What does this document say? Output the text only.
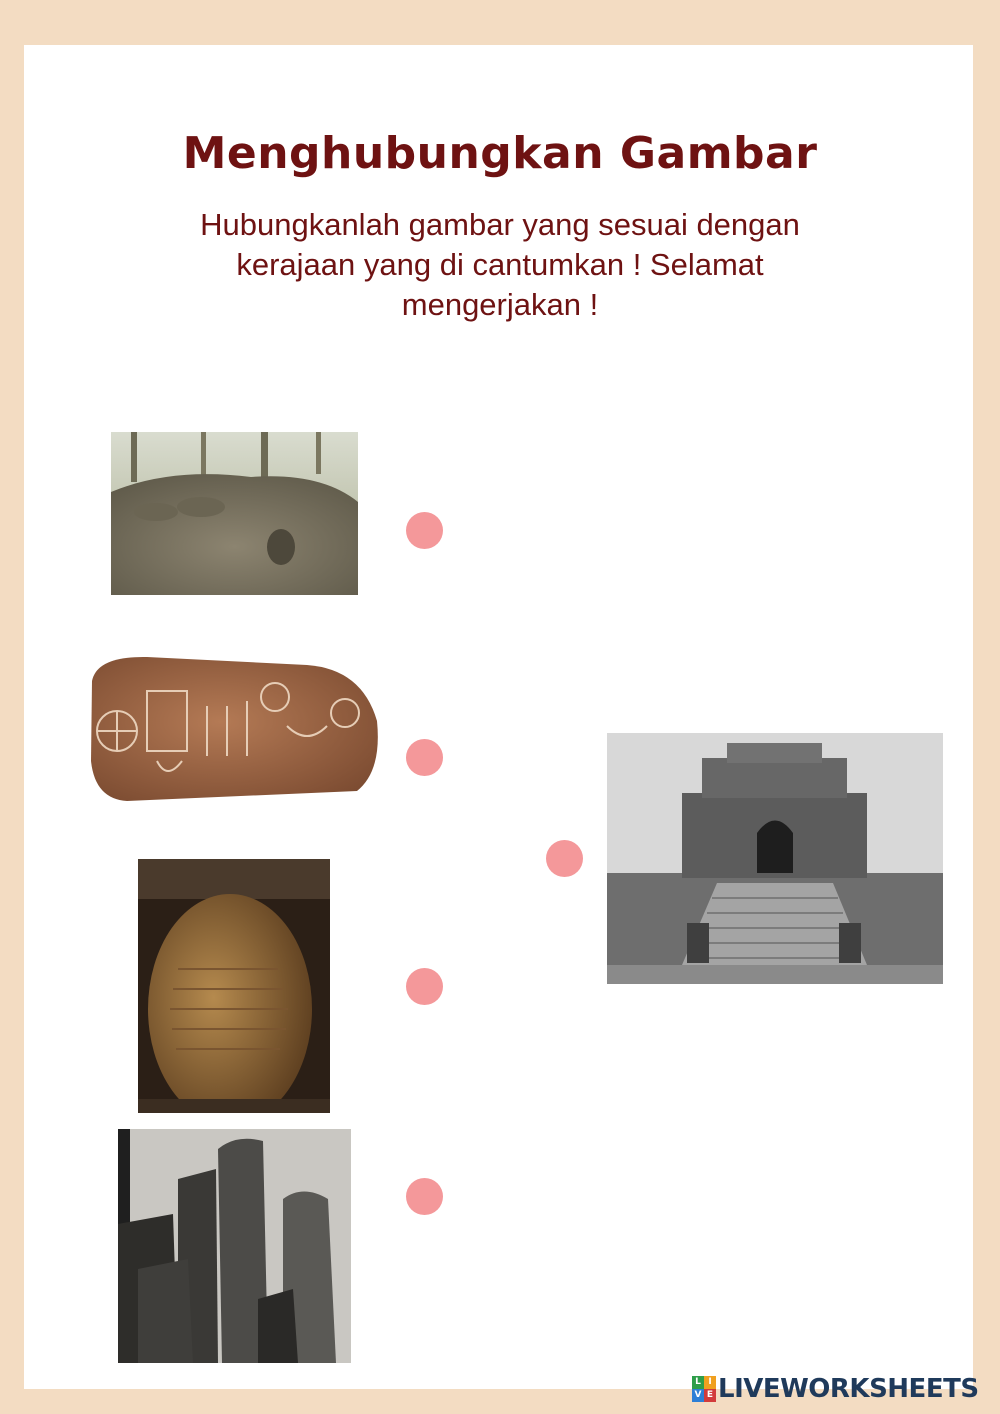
Menghubungkan Gambar

Hubungkanlah gambar yang sesuai dengan kerajaan yang di cantumkan ! Selamat mengerjakan !

L I
V E LIVEWORKSHEETS
